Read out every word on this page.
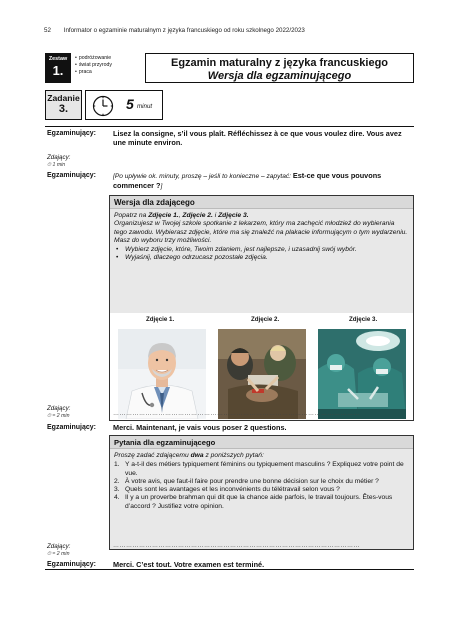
52 Informator o egzaminie maturalnym z języka francuskiego od roku szkolnego 2022/2023
Zestaw
1.
• podróżowanie
• świat przyrody
• praca
Egzamin maturalny z języka francuskiego
Wersja dla egzaminującego
Zadanie
3.	5 minut
Egzaminujący: Lisez la consigne, s’il vous plaît. Réfléchissez à ce que vous voulez dire. Vous avez une minute environ.
Zdający:
⏱ 1 min
Egzaminujący:	[Po upływie ok. minuty, proszę – jeśli to konieczne – zapytać: Est-ce que vous pouvons commencer ?]
Wersja dla zdającego
Popatrz na Zdjęcie 1., Zdjęcie 2. i Zdjęcie 3.
Organizujesz w Twojej szkole spotkanie z lekarzem, który ma zachęcić młodzież do wybierania tego zawodu. Wybierasz zdjęcie, które ma się znaleźć na plakacie informującym o tym wydarzeniu. Masz do wyboru trzy możliwości.
• Wybierz zdjęcie, które, Twoim zdaniem, jest najlepsze, i uzasadnij swój wybór.
• Wyjaśnij, dlaczego odrzucasz pozostałe zdjęcia.
Zdjęcie 1.	Zdjęcie 2.	Zdjęcie 3.
Zdający:
⏱ ≈ 2 min	……………………………………………………………………………………………………
Egzaminujący: Merci. Maintenant, je vais vous poser 2 questions.
Pytania dla egzaminującego
Proszę zadać zdającemu dwa z poniższych pytań:
1. Y a-t-il des métiers typiquement féminins ou typiquement masculins ? Expliquez votre point de vue.
2. À votre avis, que faut-il faire pour prendre une bonne décision sur le choix du métier ?
3. Quels sont les avantages et les inconvénients du télétravail selon vous ?
4. Il y a un proverbe brahman qui dit que la chance aide parfois, le travail toujours. Êtes-vous d’accord ? Justifiez votre opinion.
Zdający:
⏱ ≈ 2 min
……………………………………………………………………………………………………
Egzaminujący: Merci. C’est tout. Votre examen est terminé.
